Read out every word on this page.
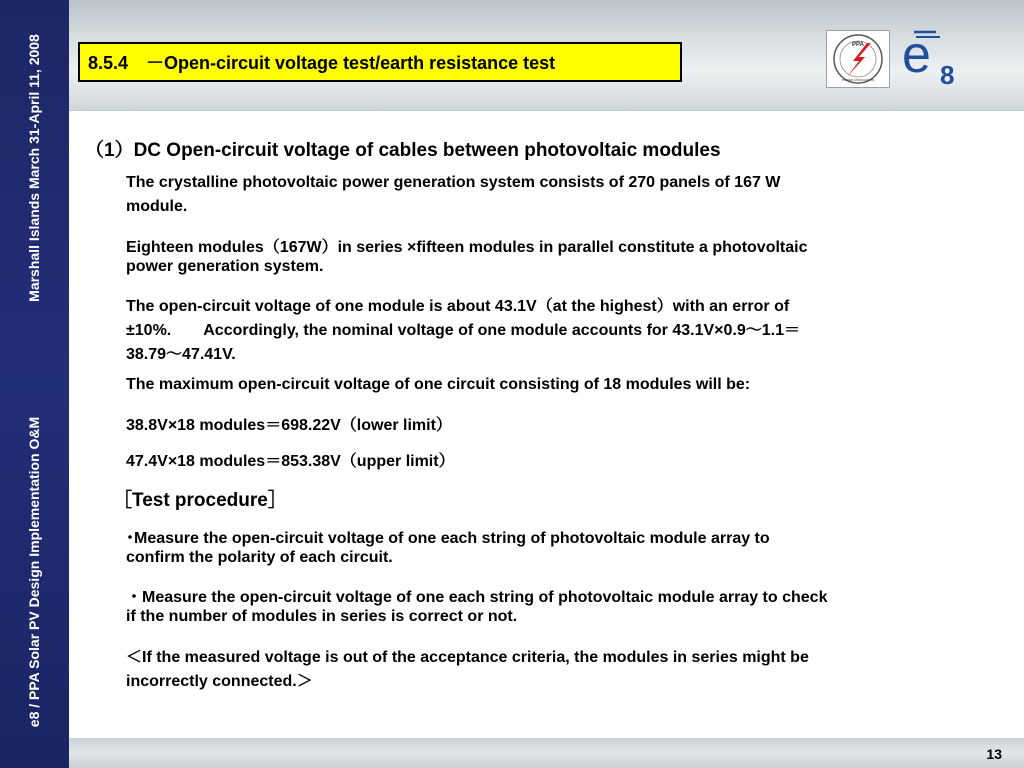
Marshall Islands March 31-April 11, 2008
e8 / PPA Solar PV Design Implementation O&M
8.5.4　－Open-circuit voltage test/earth resistance test
PPA
POWER ASSOCIATION e 8
（1）DC Open-circuit voltage of cables between photovoltaic modules
The crystalline photovoltaic power generation system consists of 270 panels of 167 W
module.
Eighteen modules（167W）in series ×fifteen modules in parallel constitute a photovoltaic
power generation system.
The open-circuit voltage of one module is about 43.1V（at the highest）with an error of
±10%.　　Accordingly, the nominal voltage of one module accounts for 43.1V×0.9～1.1＝
38.79～47.41V.
The maximum open-circuit voltage of one circuit consisting of 18 modules will be:
38.8V×18 modules＝698.22V（lower limit）
47.4V×18 modules＝853.38V（upper limit）
［Test procedure］
･Measure the open-circuit voltage of one each string of photovoltaic module array to
confirm the polarity of each circuit.
・Measure the open-circuit voltage of one each string of photovoltaic module array to check
if the number of modules in series is correct or not.
＜If the measured voltage is out of the acceptance criteria, the modules in series might be
incorrectly connected.＞
13
